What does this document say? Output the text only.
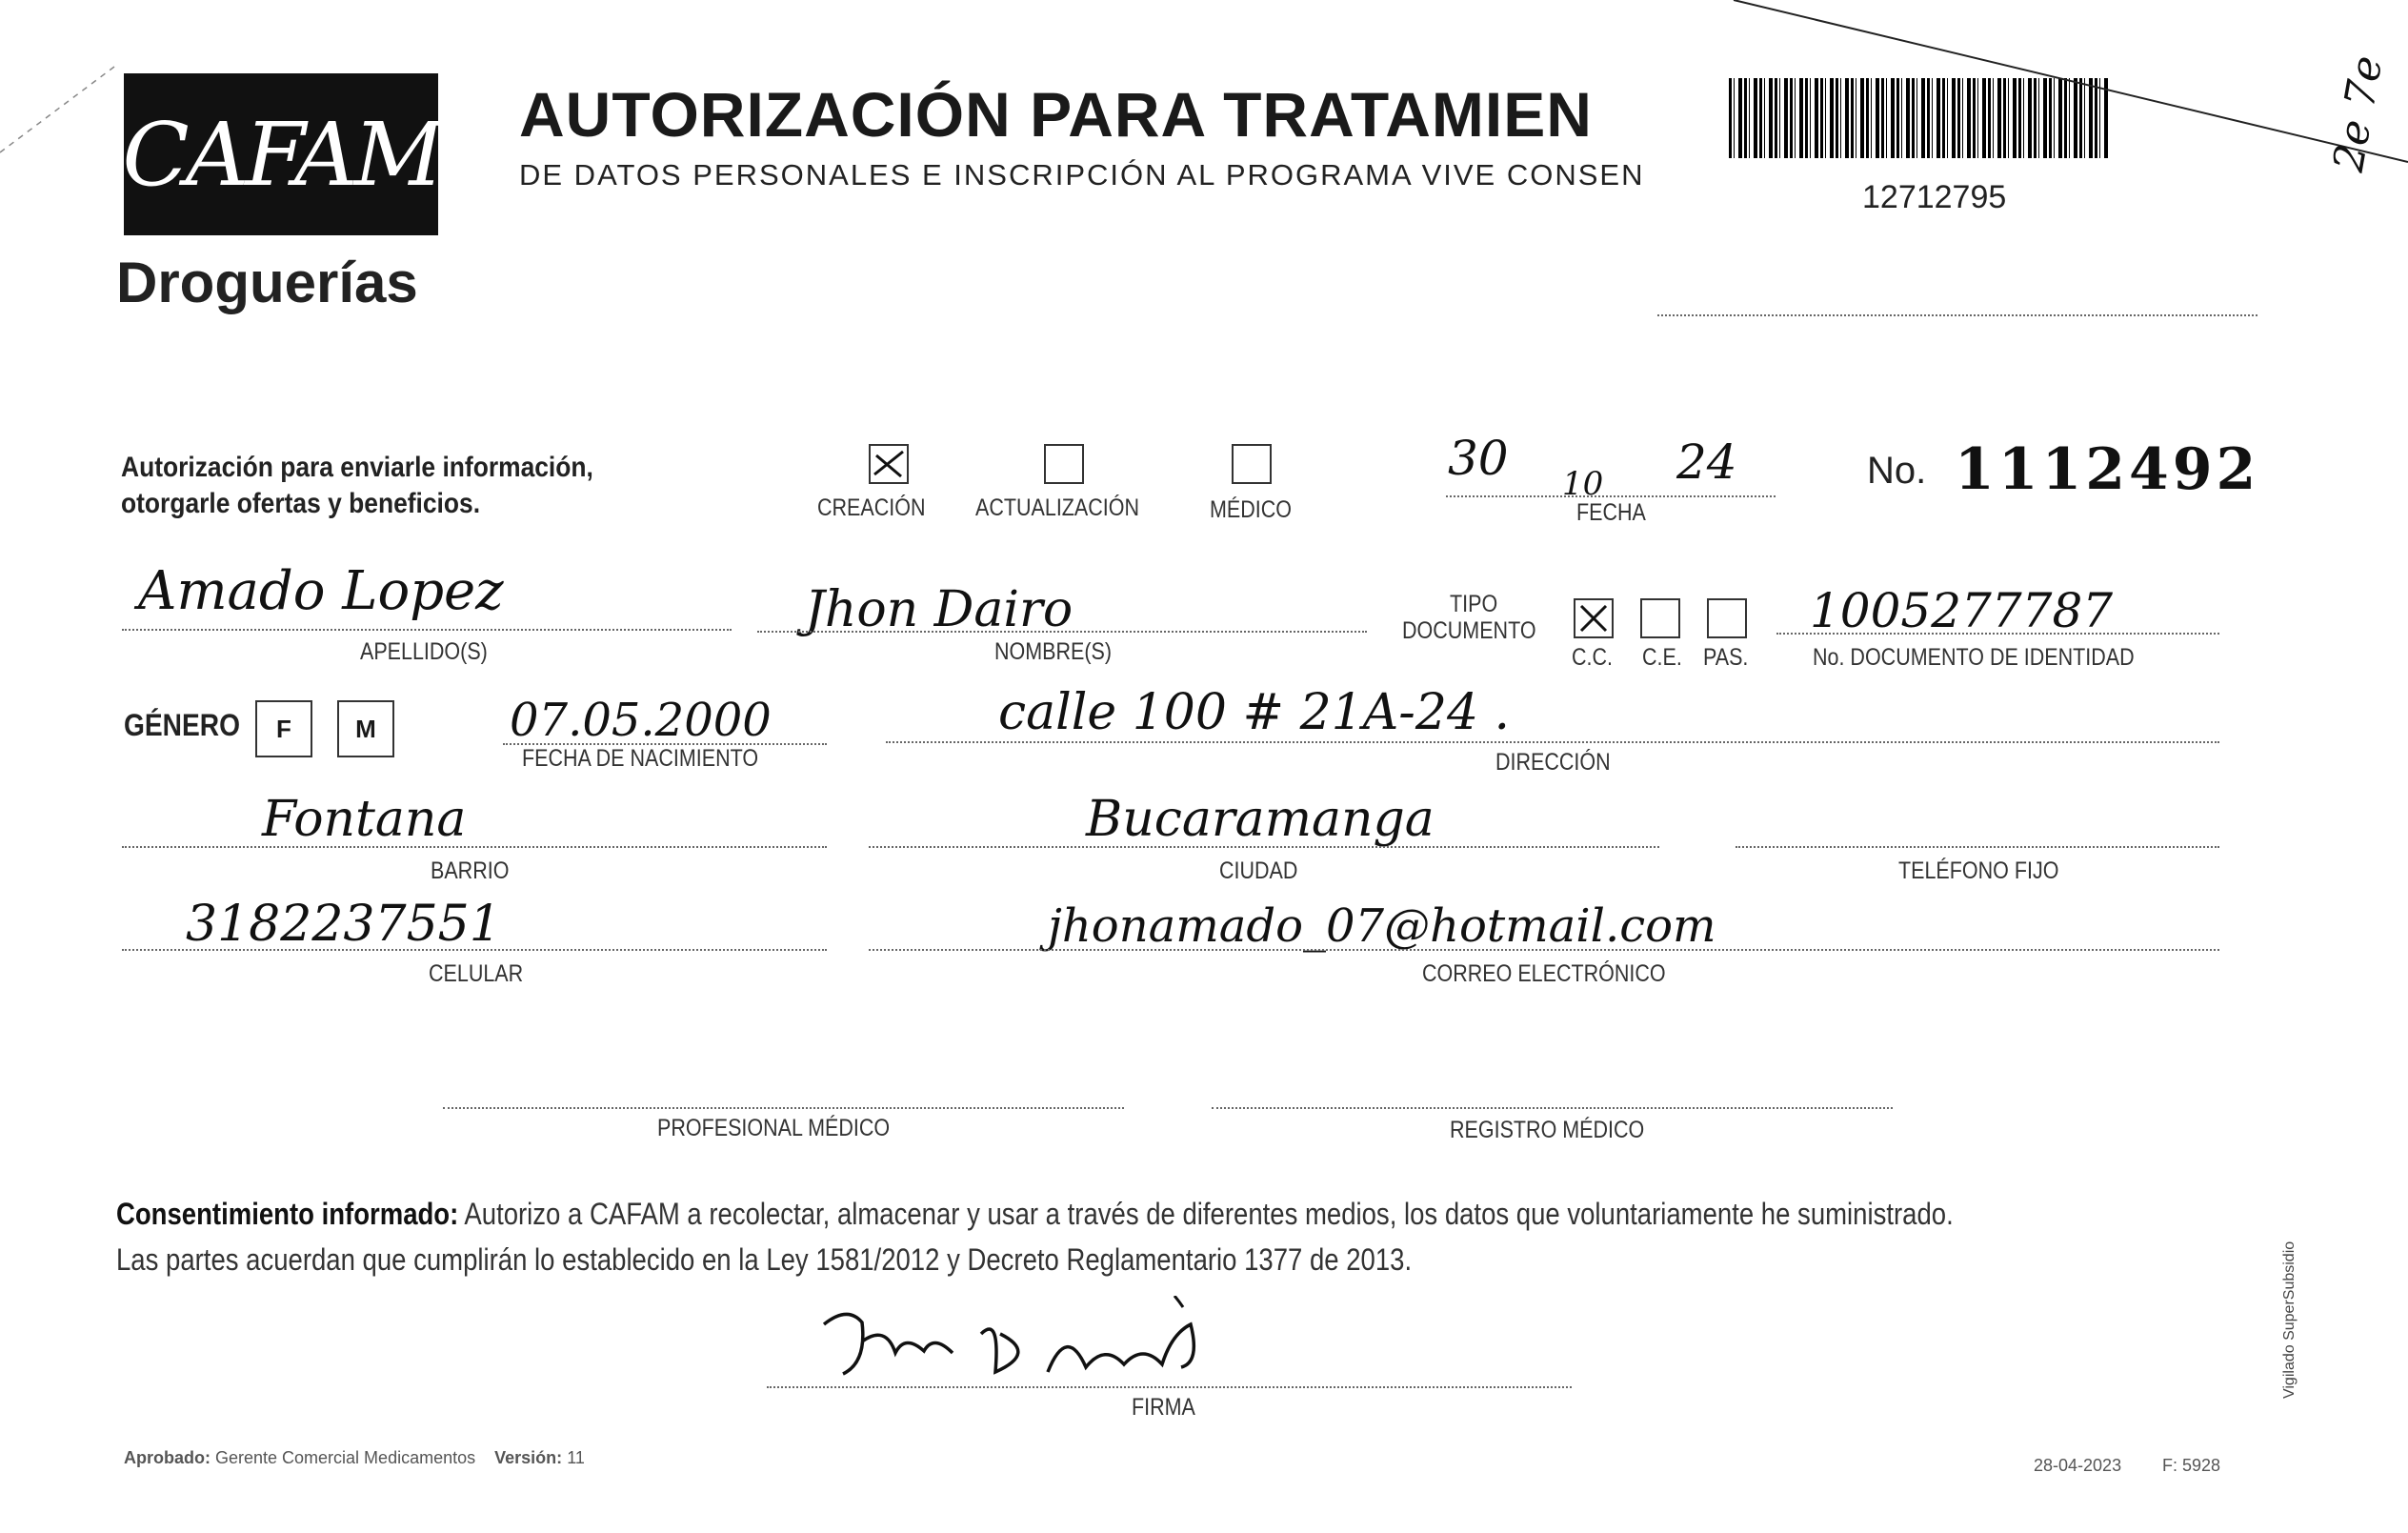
CAFAM
Droguerías
AUTORIZACIÓN PARA TRATAMIEN
DE DATOS PERSONALES E INSCRIPCIÓN AL PROGRAMA VIVE CONSEN
12712795
2e 7e
Autorización para enviarle información,
otorgarle ofertas y beneficios.	CREACIÓN ACTUALIZACIÓN	MÉDICO
30 10 24
FECHA
No. 1112492
Amado Lopez
APELLIDO(S)
Jhon Dairo
NOMBRE(S)
TIPO
DOCUMENTO
C.C. C.E. PAS.
1005277787
No. DOCUMENTO DE IDENTIDAD
GÉNERO	F	M	07.05.2000
FECHA DE NACIMIENTO
calle 100 # 21A-24 .
DIRECCIÓN
Fontana
BARRIO
Bucaramanga
CIUDAD	TELÉFONO FIJO
3182237551
CELULAR
jhonamado_07@hotmail.com
CORREO ELECTRÓNICO
PROFESIONAL MÉDICO	REGISTRO MÉDICO
Consentimiento informado: Autorizo a CAFAM a recolectar, almacenar y usar a través de diferentes medios, los datos que voluntariamente he suministrado.
Las partes acuerdan que cumplirán lo establecido en la Ley 1581/2012 y Decreto Reglamentario 1377 de 2013.
FIRMA
Vigilado SuperSubsidio
Aprobado: Gerente Comercial Medicamentos Versión: 11	28-04-2023 F: 5928
